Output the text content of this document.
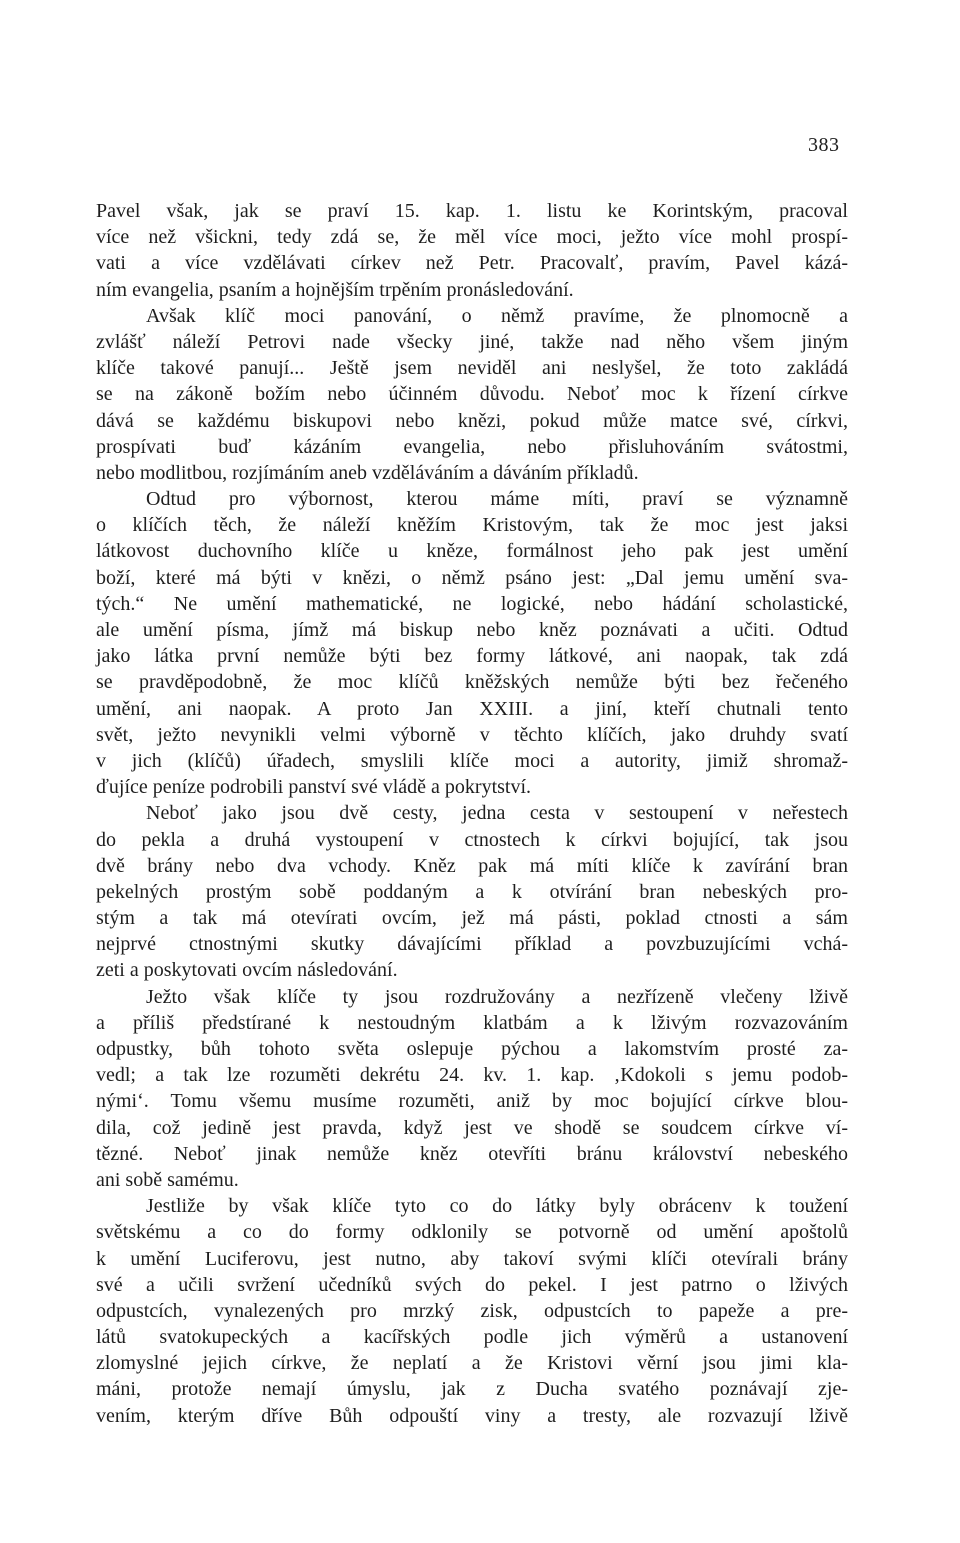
383
Pavel však, jak se praví 15. kap. 1. listu ke Korintským, pracoval
více než všickni, tedy zdá se, že měl více moci, ježto více mohl prospí-
vati a více vzdělávati církev než Petr. Pracovalť, pravím, Pavel kázá-
ním evangelia, psaním a hojnějším trpěním pronásledování.
Avšak klíč moci panování, o němž pravíme, že plnomocně a
zvlášť náleží Petrovi nade všecky jiné, takže nad něho všem jiným
klíče takové panují... Ještě jsem neviděl ani neslyšel, že toto zakládá
se na zákoně božím nebo účinném důvodu. Neboť moc k řízení církve
dává se každému biskupovi nebo knězi, pokud může matce své, církvi,
prospívati buď kázáním evangelia, nebo přisluhováním svátostmi,
nebo modlitbou, rozjímáním aneb vzděláváním a dáváním příkladů.
Odtud pro výbornost, kterou máme míti, praví se významně
o klíčích těch, že náleží kněžím Kristovým, tak že moc jest jaksi
látkovost duchovního klíče u kněze, formálnost jeho pak jest umění
boží, které má býti v knězi, o němž psáno jest: „Dal jemu umění sva-
tých.“ Ne umění mathematické, ne logické, nebo hádání scholastické,
ale umění písma, jímž má biskup nebo kněz poznávati a učiti. Odtud
jako látka první nemůže býti bez formy látkové, ani naopak, tak zdá
se pravděpodobně, že moc klíčů kněžských nemůže býti bez řečeného
umění, ani naopak. A proto Jan XXIII. a jiní, kteří chutnali tento
svět, ježto nevynikli velmi výborně v těchto klíčích, jako druhdy svatí
v jich (klíčů) úřadech, smyslili klíče moci a autority, jimiž shromaž-
ďujíce peníze podrobili panství své vládě a pokrytství.
Neboť jako jsou dvě cesty, jedna cesta v sestoupení v neřestech
do pekla a druhá vystoupení v ctnostech k církvi bojující, tak jsou
dvě brány nebo dva vchody. Kněz pak má míti klíče k zavírání bran
pekelných prostým sobě poddaným a k otvírání bran nebeských pro-
stým a tak má otevírati ovcím, jež má pásti, poklad ctnosti a sám
nejprvé ctnostnými skutky dávajícími příklad a povzbuzujícími vchá-
zeti a poskytovati ovcím následování.
Ježto však klíče ty jsou rozdružovány a nezřízeně vlečeny lživě
a příliš předstírané k nestoudným klatbám a k lživým rozvazováním
odpustky, bůh tohoto světa oslepuje pýchou a lakomstvím prosté za-
vedl; a tak lze rozuměti dekrétu 24. kv. 1. kap. ‚Kdokoli s jemu podob-
nými‘. Tomu všemu musíme rozuměti, aniž by moc bojující církve blou-
dila, což jedině jest pravda, když jest ve shodě se soudcem církve ví-
tězné. Neboť jinak nemůže kněz otevříti bránu království nebeského
ani sobě samému.
Jestliže by však klíče tyto co do látky byly obrácenv k toužení
světskému a co do formy odklonily se potvorně od umění apoštolů
k umění Luciferovu, jest nutno, aby takoví svými klíči otevírali brány
své a učili svržení učedníků svých do pekel. I jest patrno o lživých
odpustcích, vynalezených pro mrzký zisk, odpustcích to papeže a pre-
látů svatokupeckých a kacířských podle jich výměrů a ustanovení
zlomyslné jejich církve, že neplatí a že Kristovi věrní jsou jimi kla-
máni, protože nemají úmyslu, jak z Ducha svatého poznávají zje-
vením, kterým dříve Bůh odpouští viny a tresty, ale rozvazují lživě
